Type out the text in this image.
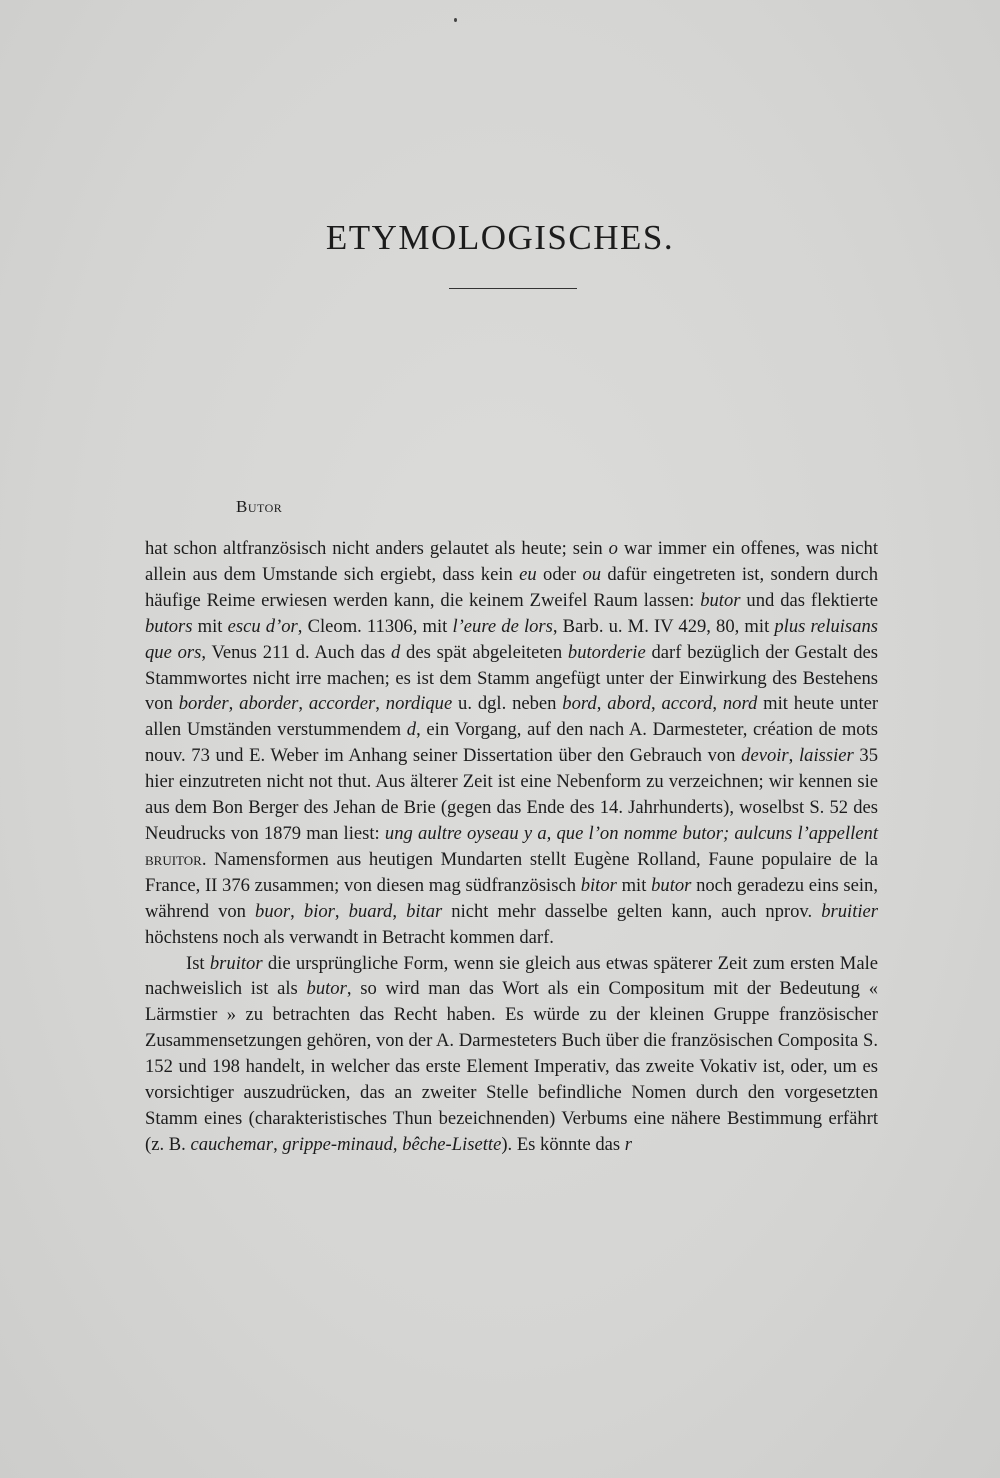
ETYMOLOGISCHES.
Butor

hat schon altfranzösisch nicht anders gelautet als heute; sein o war immer ein offenes, was nicht allein aus dem Umstande sich ergiebt, dass kein eu oder ou dafür eingetreten ist, sondern durch häufige Reime erwiesen werden kann, die keinem Zweifel Raum lassen: butor und das flektierte butors mit escu d’or, Cleom. 11306, mit l’eure de lors, Barb. u. M. IV 429, 80, mit plus reluisans que ors, Venus 211 d. Auch das d des spät abgeleiteten butorderie darf bezüglich der Gestalt des Stammwortes nicht irre machen; es ist dem Stamm angefügt unter der Einwirkung des Bestehens von border, aborder, accorder, nordique u. dgl. neben bord, abord, accord, nord mit heute unter allen Umständen verstummendem d, ein Vorgang, auf den nach A. Darmesteter, création de mots nouv. 73 und E. Weber im Anhang seiner Dissertation über den Gebrauch von devoir, laissier 35 hier einzutreten nicht not thut. Aus älterer Zeit ist eine Nebenform zu verzeichnen; wir kennen sie aus dem Bon Berger des Jehan de Brie (gegen das Ende des 14. Jahrhunderts), woselbst S. 52 des Neudrucks von 1879 man liest: ung aultre oyseau y a, que l’on nomme butor; aulcuns l’appellent bruitor. Namensformen aus heutigen Mundarten stellt Eugène Rolland, Faune populaire de la France, II 376 zusammen; von diesen mag südfranzösisch bitor mit butor noch geradezu eins sein, während von buor, bior, buard, bitar nicht mehr dasselbe gelten kann, auch nprov. bruitier höchstens noch als verwandt in Betracht kommen darf.

Ist bruitor die ursprüngliche Form, wenn sie gleich aus etwas späterer Zeit zum ersten Male nachweislich ist als butor, so wird man das Wort als ein Compositum mit der Bedeutung « Lärmstier » zu betrachten das Recht haben. Es würde zu der kleinen Gruppe französischer Zusammensetzungen gehören, von der A. Darmesteters Buch über die französischen Composita S. 152 und 198 handelt, in welcher das erste Element Imperativ, das zweite Vokativ ist, oder, um es vorsichtiger auszudrücken, das an zweiter Stelle befindliche Nomen durch den vorgesetzten Stamm eines (charakteristisches Thun bezeichnenden) Verbums eine nähere Bestimmung erfährt (z. B. cauchemar, grippe-minaud, bêche-Lisette). Es könnte das r
